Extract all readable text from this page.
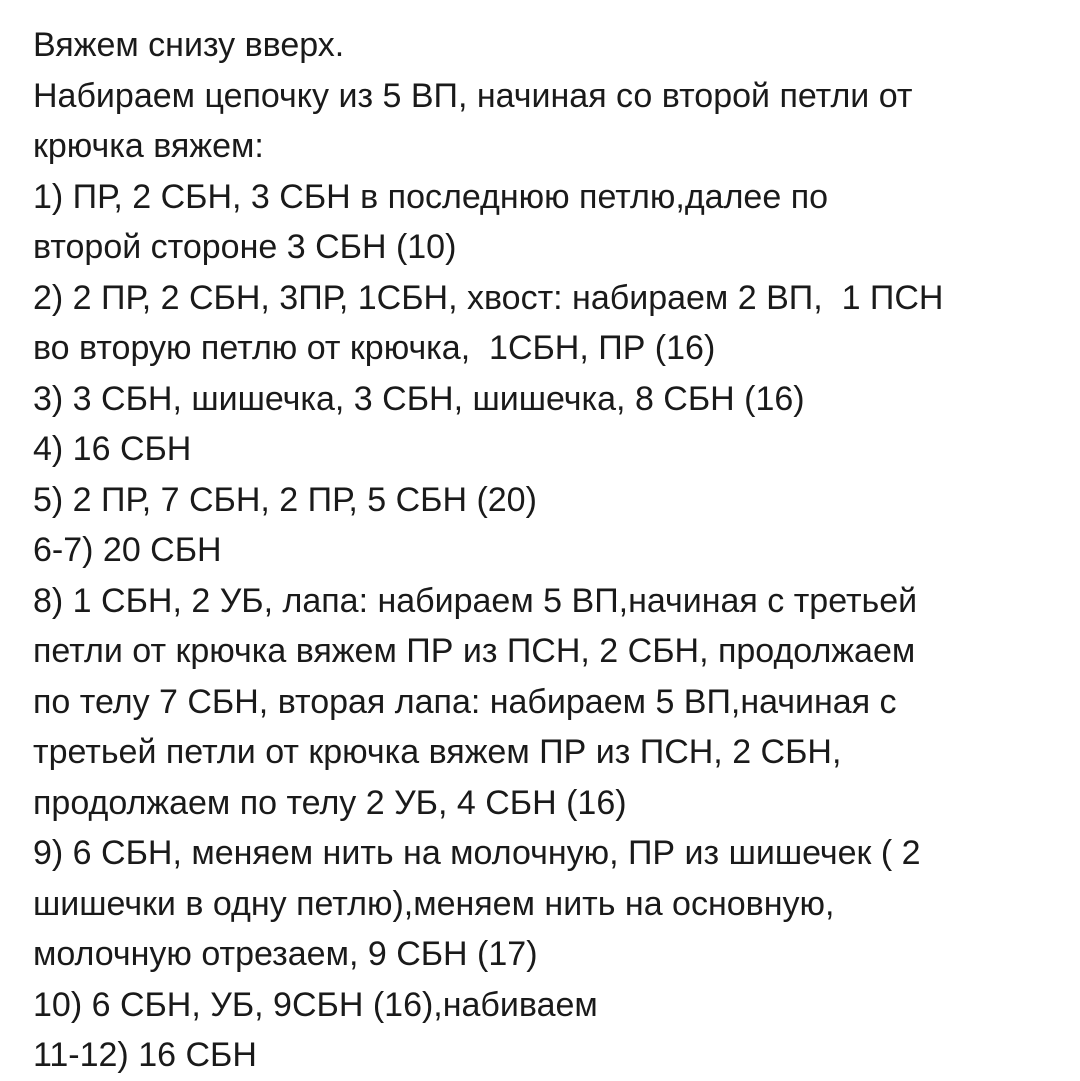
Вяжем снизу вверх.
Набираем цепочку из 5 ВП, начиная со второй петли от
крючка вяжем:
1) ПР, 2 СБН, 3 СБН в последнюю петлю,далее по
второй стороне 3 СБН (10)
2) 2 ПР, 2 СБН, 3ПР, 1СБН, хвост: набираем 2 ВП,  1 ПСН
во вторую петлю от крючка,  1СБН, ПР (16)
3) 3 СБН, шишечка, 3 СБН, шишечка, 8 СБН (16)
4) 16 СБН
5) 2 ПР, 7 СБН, 2 ПР, 5 СБН (20)
6-7) 20 СБН
8) 1 СБН, 2 УБ, лапа: набираем 5 ВП,начиная с третьей
петли от крючка вяжем ПР из ПСН, 2 СБН, продолжаем
по телу 7 СБН, вторая лапа: набираем 5 ВП,начиная с
третьей петли от крючка вяжем ПР из ПСН, 2 СБН,
продолжаем по телу 2 УБ, 4 СБН (16)
9) 6 СБН, меняем нить на молочную, ПР из шишечек ( 2
шишечки в одну петлю),меняем нить на основную,
молочную отрезаем, 9 СБН (17)
10) 6 СБН, УБ, 9СБН (16),набиваем
11-12) 16 СБН
